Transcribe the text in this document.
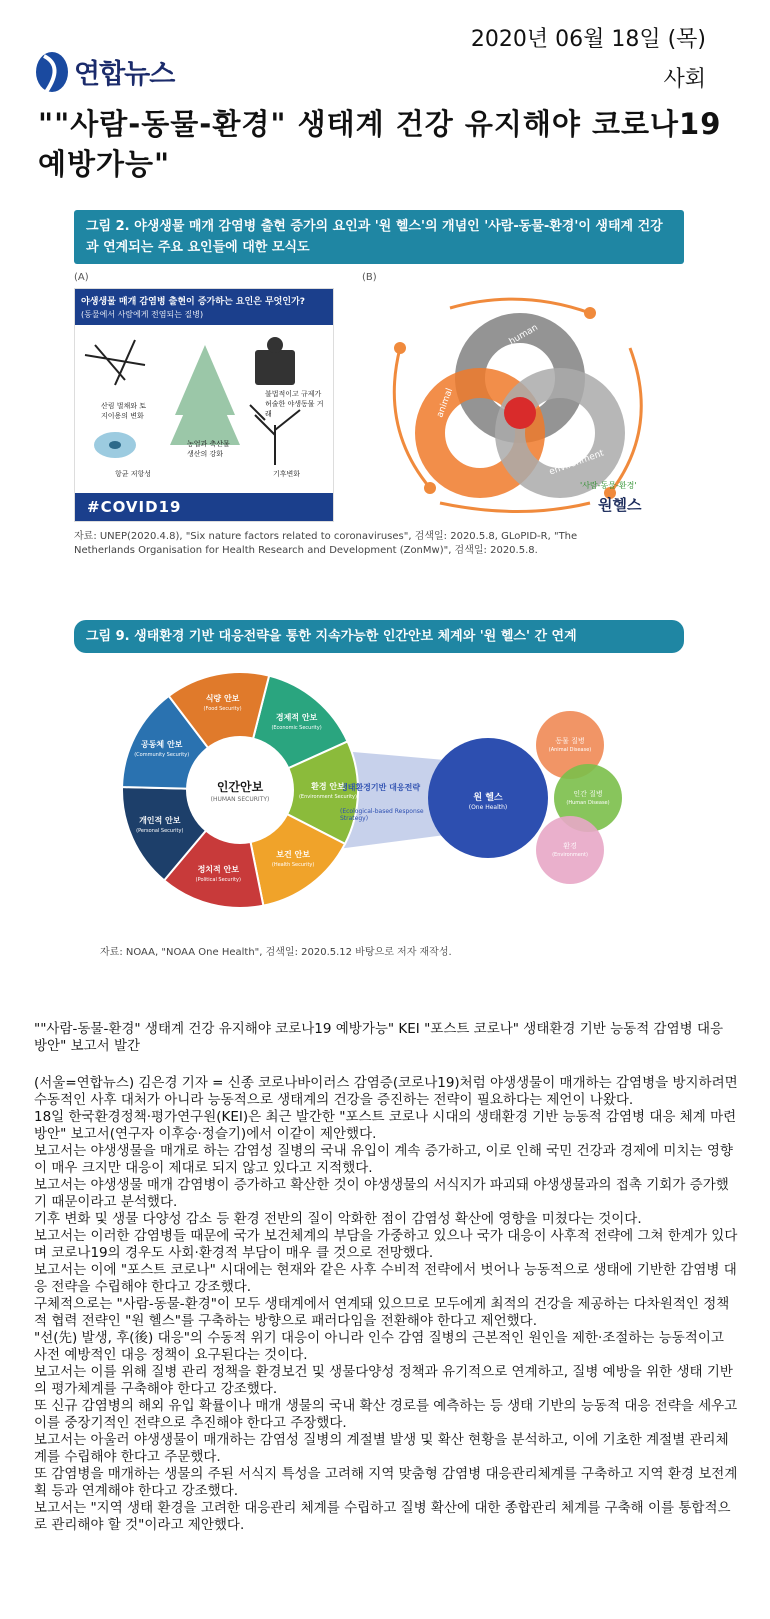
연합뉴스
2020년 06월 18일 (목)
사회
""사람-동물-환경" 생태계 건강 유지해야 코로나19 예방가능"
그림 2. 야생생물 매개 감염병 출현 증가의 요인과 '원 헬스'의 개념인 '사람-동물-환경'이 생태계 건강과 연계되는 주요 요인들에 대한 모식도
(A)	(B)
야생생물 매개 감염병 출현이 증가하는 요인은 무엇인가?
(동물에서 사람에게 전염되는 질병)
산림 벌채와 토지이용의 변화
불법적이고 규제가 허술한 야생동물 거래
농업과 축산물 생산의 강화
항균 저항성	기후변화
#COVID19
human
animal
environment
'사람-동물-환경'
원헬스
자료: UNEP(2020.4.8), "Six nature factors related to coronaviruses", 검색일: 2020.5.8, GLoPID-R, "The Netherlands Organisation for Health Research and Development (ZonMw)", 검색일: 2020.5.8.
그림 9. 생태환경 기반 대응전략을 통한 지속가능한 인간안보 체계와 '원 헬스' 간 연계
인간안보
(HUMAN SECURITY)
생태환경기반 대응전략
(Ecological-based Response Strategy)
원 헬스
(One Health)
경제적 안보
(Economic Security)
환경 안보
(Environment Security)
보건 안보
(Health Security)
정치적 안보
(Political Security)
개인적 안보
(Personal Security)
공동체 안보
(Community Security)
식량 안보
(Food Security)
동물 질병
(Animal Disease)
인간 질병
(Human Disease)
환경
(Environment)
자료: NOAA, "NOAA One Health", 검색일: 2020.5.12 바탕으로 저자 재작성.
""사람-동물-환경" 생태계 건강 유지해야 코로나19 예방가능" KEI "포스트 코로나" 생태환경 기반 능동적 감염병 대응 방안" 보고서 발간

(서울=연합뉴스) 김은경 기자 = 신종 코로나바이러스 감염증(코로나19)처럼 야생생물이 매개하는 감염병을 방지하려면 수동적인 사후 대처가 아니라 능동적으로 생태계의 건강을 증진하는 전략이 필요하다는 제언이 나왔다.

18일 한국환경정책·평가연구원(KEI)은 최근 발간한 "포스트 코로나 시대의 생태환경 기반 능동적 감염병 대응 체계 마련 방안" 보고서(연구자 이후승·정슬기)에서 이같이 제안했다.

보고서는 야생생물을 매개로 하는 감염성 질병의 국내 유입이 계속 증가하고, 이로 인해 국민 건강과 경제에 미치는 영향이 매우 크지만 대응이 제대로 되지 않고 있다고 지적했다.

보고서는 야생생물 매개 감염병이 증가하고 확산한 것이 야생생물의 서식지가 파괴돼 야생생물과의 접촉 기회가 증가했기 때문이라고 분석했다.

기후 변화 및 생물 다양성 감소 등 환경 전반의 질이 악화한 점이 감염성 확산에 영향을 미쳤다는 것이다.

보고서는 이러한 감염병들 때문에 국가 보건체계의 부담을 가중하고 있으나 국가 대응이 사후적 전략에 그쳐 한계가 있다며 코로나19의 경우도 사회·환경적 부담이 매우 클 것으로 전망했다.

보고서는 이에 "포스트 코로나" 시대에는 현재와 같은 사후 수비적 전략에서 벗어나 능동적으로 생태에 기반한 감염병 대응 전략을 수립해야 한다고 강조했다.

구체적으로는 "사람-동물-환경"이 모두 생태계에서 연계돼 있으므로 모두에게 최적의 건강을 제공하는 다차원적인 정책적 협력 전략인 "원 헬스"를 구축하는 방향으로 패러다임을 전환해야 한다고 제언했다.

"선(先) 발생, 후(後) 대응"의 수동적 위기 대응이 아니라 인수 감염 질병의 근본적인 원인을 제한·조절하는 능동적이고 사전 예방적인 대응 정책이 요구된다는 것이다.

보고서는 이를 위해 질병 관리 정책을 환경보건 및 생물다양성 정책과 유기적으로 연계하고, 질병 예방을 위한 생태 기반의 평가체계를 구축해야 한다고 강조했다.

또 신규 감염병의 해외 유입 확률이나 매개 생물의 국내 확산 경로를 예측하는 등 생태 기반의 능동적 대응 전략을 세우고 이를 중장기적인 전략으로 추진해야 한다고 주장했다.

보고서는 아울러 야생생물이 매개하는 감염성 질병의 계절별 발생 및 확산 현황을 분석하고, 이에 기초한 계절별 관리체계를 수립해야 한다고 주문했다.

또 감염병을 매개하는 생물의 주된 서식지 특성을 고려해 지역 맞춤형 감염병 대응관리체계를 구축하고 지역 환경 보전계획 등과 연계해야 한다고 강조했다.

보고서는 "지역 생태 환경을 고려한 대응관리 체계를 수립하고 질병 확산에 대한 종합관리 체계를 구축해 이를 통합적으로 관리해야 할 것"이라고 제안했다.
